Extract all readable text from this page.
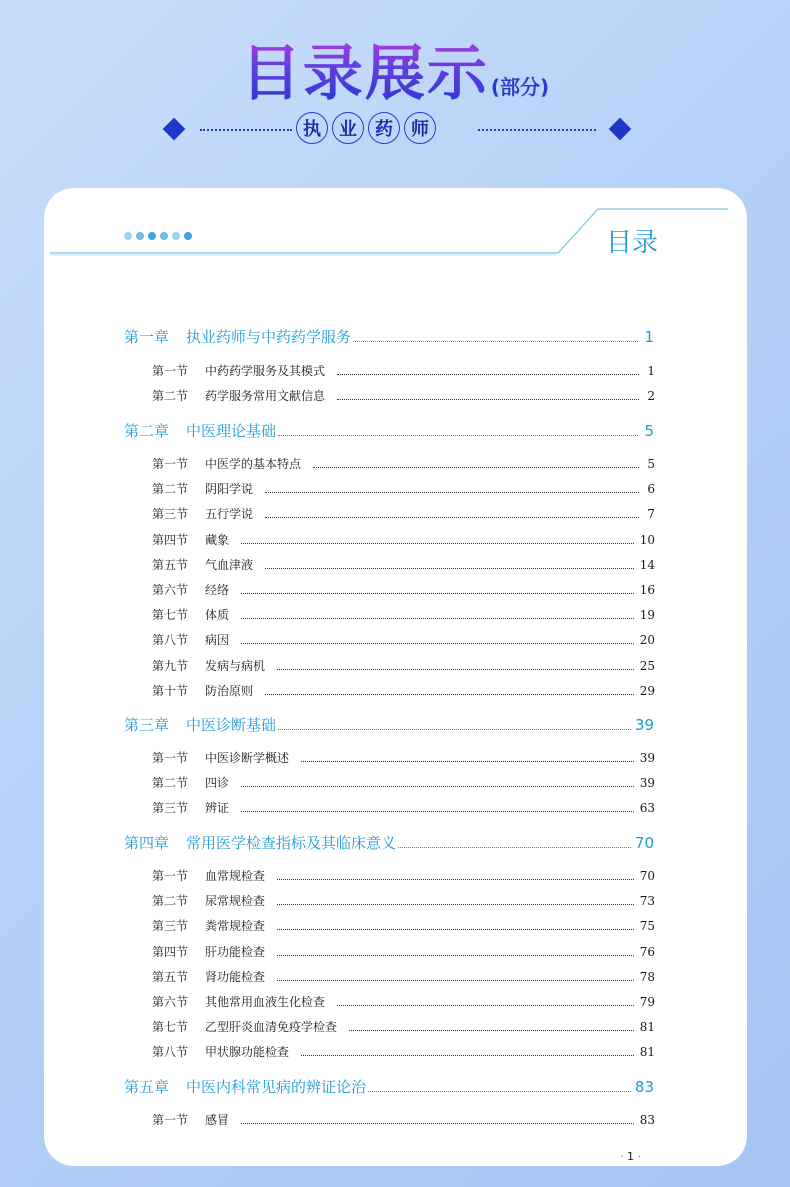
目录展示 (部分)
执	业	药	师
目录
第一章	执业药师与中药药学服务	1
第一节	中药药学服务及其模式	1
第二节	药学服务常用文献信息	2
第二章	中医理论基础	5
第一节	中医学的基本特点	5
第二节	阴阳学说	6
第三节	五行学说	7
第四节	藏象	10
第五节	气血津液	14
第六节	经络	16
第七节	体质	19
第八节	病因	20
第九节	发病与病机	25
第十节	防治原则	29
第三章	中医诊断基础	39
第一节	中医诊断学概述	39
第二节	四诊	39
第三节	辨证	63
第四章	常用医学检查指标及其临床意义	70
第一节	血常规检查	70
第二节	尿常规检查	73
第三节	粪常规检查	75
第四节	肝功能检查	76
第五节	肾功能检查	78
第六节	其他常用血液生化检查	79
第七节	乙型肝炎血清免疫学检查	81
第八节	甲状腺功能检查	81
第五章	中医内科常见病的辨证论治	83
第一节	感冒	83
· 1 ·
